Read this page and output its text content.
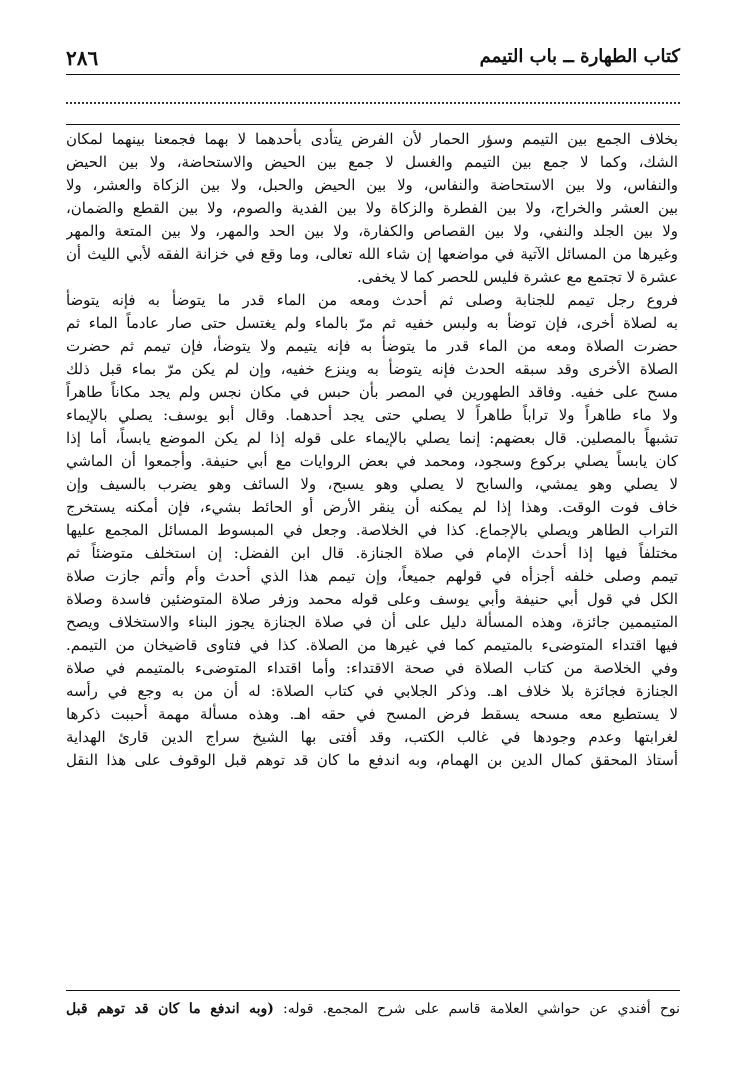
٢٨٦	كتاب الطهارة ــ باب التيمم

بخلاف الجمع بين التيمم وسؤر الحمار لأن الفرض يتأدى بأحدهما لا بهما فجمعنا بينهما لمكان
الشك، وكما لا جمع بين التيمم والغسل لا جمع بين الحيض والاستحاضة، ولا بين الحيض
والنفاس، ولا بين الاستحاضة والنفاس، ولا بين الحيض والحبل، ولا بين الزكاة والعشر، ولا
بين العشر والخراج، ولا بين الفطرة والزكاة ولا بين الفدية والصوم، ولا بين القطع والضمان،
ولا بين الجلد والنفي، ولا بين القصاص والكفارة، ولا بين الحد والمهر، ولا بين المتعة والمهر
وغيرها من المسائل الآتية في مواضعها إن شاء الله تعالى، وما وقع في خزانة الفقه لأبي الليث أن
عشرة لا تجتمع مع عشرة فليس للحصر كما لا يخفى.

فروع رجل تيمم للجنابة وصلى ثم أحدث ومعه من الماء قدر ما يتوضأ به فإنه يتوضأ
به لصلاة أخرى، فإن توضأ به ولبس خفيه ثم مرّ بالماء ولم يغتسل حتى صار عادماً الماء ثم
حضرت الصلاة ومعه من الماء قدر ما يتوضأ به فإنه يتيمم ولا يتوضأ، فإن تيمم ثم حضرت
الصلاة الأخرى وقد سبقه الحدث فإنه يتوضأ به وينزع خفيه، وإن لم يكن مرّ بماء قبل ذلك
مسح على خفيه. وفاقد الطهورين في المصر بأن حبس في مكان نجس ولم يجد مكاناً طاهراً
ولا ماء طاهراً ولا تراباً طاهراً لا يصلي حتى يجد أحدهما. وقال أبو يوسف: يصلي بالإيماء
تشبهاً بالمصلين. قال بعضهم: إنما يصلي بالإيماء على قوله إذا لم يكن الموضع يابساً، أما إذا
كان يابساً يصلي بركوع وسجود، ومحمد في بعض الروايات مع أبي حنيفة. وأجمعوا أن الماشي
لا يصلي وهو يمشي، والسابح لا يصلي وهو يسبح، ولا السائف وهو يضرب بالسيف وإن
خاف فوت الوقت. وهذا إذا لم يمكنه أن ينقر الأرض أو الحائط بشيء، فإن أمكنه يستخرج
التراب الطاهر ويصلي بالإجماع. كذا في الخلاصة. وجعل في المبسوط المسائل المجمع عليها
مختلفاً فيها إذا أحدث الإمام في صلاة الجنازة. قال ابن الفضل: إن استخلف متوضئاً ثم
تيمم وصلى خلفه أجزأه في قولهم جميعاً، وإن تيمم هذا الذي أحدث وأم وأتم جازت صلاة
الكل في قول أبي حنيفة وأبي يوسف وعلى قوله محمد وزفر صلاة المتوضئين فاسدة وصلاة
المتيممين جائزة، وهذه المسألة دليل على أن في صلاة الجنازة يجوز البناء والاستخلاف ويصح
فيها اقتداء المتوضىء بالمتيمم كما في غيرها من الصلاة. كذا في فتاوى قاضيخان من التيمم.
وفي الخلاصة من كتاب الصلاة في صحة الاقتداء: وأما اقتداء المتوضىء بالمتيمم في صلاة
الجنازة فجائزة بلا خلاف اهـ. وذكر الجلابي في كتاب الصلاة: له أن من به وجع في رأسه
لا يستطيع معه مسحه يسقط فرض المسح في حقه اهـ. وهذه مسألة مهمة أحببت ذكرها
لغرابتها وعدم وجودها في غالب الكتب، وقد أفتى بها الشيخ سراج الدين قارئ الهداية
أستاذ المحقق كمال الدين بن الهمام، وبه اندفع ما كان قد توهم قبل الوقوف على هذا النقل

نوح أفندي عن حواشي العلامة قاسم على شرح المجمع. قوله: (وبه اندفع ما كان قد توهم قبل
